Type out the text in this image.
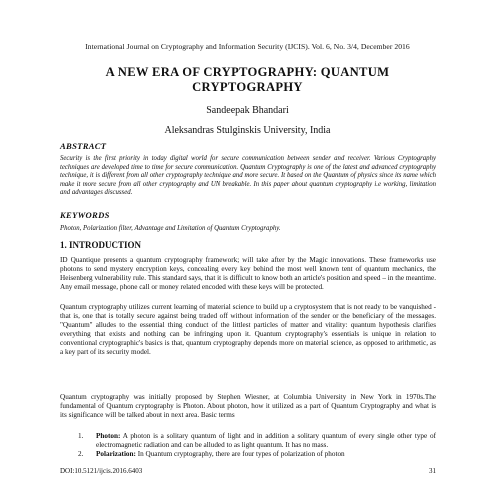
International Journal on Cryptography and Information Security (IJCIS). Vol. 6, No. 3/4, December 2016
A NEW ERA OF CRYPTOGRAPHY: QUANTUM
CRYPTOGRAPHY
Sandeepak Bhandari
Aleksandras Stulginskis University, India
ABSTRACT
Security is the first priority in today digital world for secure communication between sender and receiver. Various Cryptography techniques are developed time to time for secure communication. Quantum Cryptography is one of the latest and advanced cryptography technique, it is different from all other cryptography technique and more secure. It based on the Quantum of physics since its name which make it more secure from all other cryptography and UN breakable. In this paper about quantum cryptography i.e working, limitation and advantages discussed.
KEYWORDS
Photon, Polarization filter, Advantage and Limitation of Quantum Cryptography.
1. INTRODUCTION
ID Quantique presents a quantum cryptography framework; will take after by the Magic innovations. These frameworks use photons to send mystery encryption keys, concealing every key behind the most well known tent of quantum mechanics, the Heisenberg vulnerability rule. This standard says, that it is difficult to know both an article's position and speed – in the meantime. Any email message, phone call or money related encoded with these keys will be protected.
Quantum cryptography utilizes current learning of material science to build up a cryptosystem that is not ready to be vanquished - that is, one that is totally secure against being traded off without information of the sender or the beneficiary of the messages. "Quantum" alludes to the essential thing conduct of the littlest particles of matter and vitality: quantum hypothesis clarifies everything that exists and nothing can be infringing upon it. Quantum cryptography's essentials is unique in relation to conventional cryptographic's basics is that, quantum cryptography depends more on material science, as opposed to arithmetic, as a key part of its security model.
Quantum cryptography was initially proposed by Stephen Wiesner, at Columbia University in New York in 1970s.The fundamental of Quantum cryptography is Photon. About photon, how it utilized as a part of Quantum Cryptography and what is its significance will be talked about in next area. Basic terms
1. Photon: A photon is a solitary quantum of light and in addition a solitary quantum of every single other type of electromagnetic radiation and can be alluded to as light quantum. It has no mass.
2. Polarization: In Quantum cryptography, there are four types of polarization of photon
DOI:10.5121/ijcis.2016.6403	31
